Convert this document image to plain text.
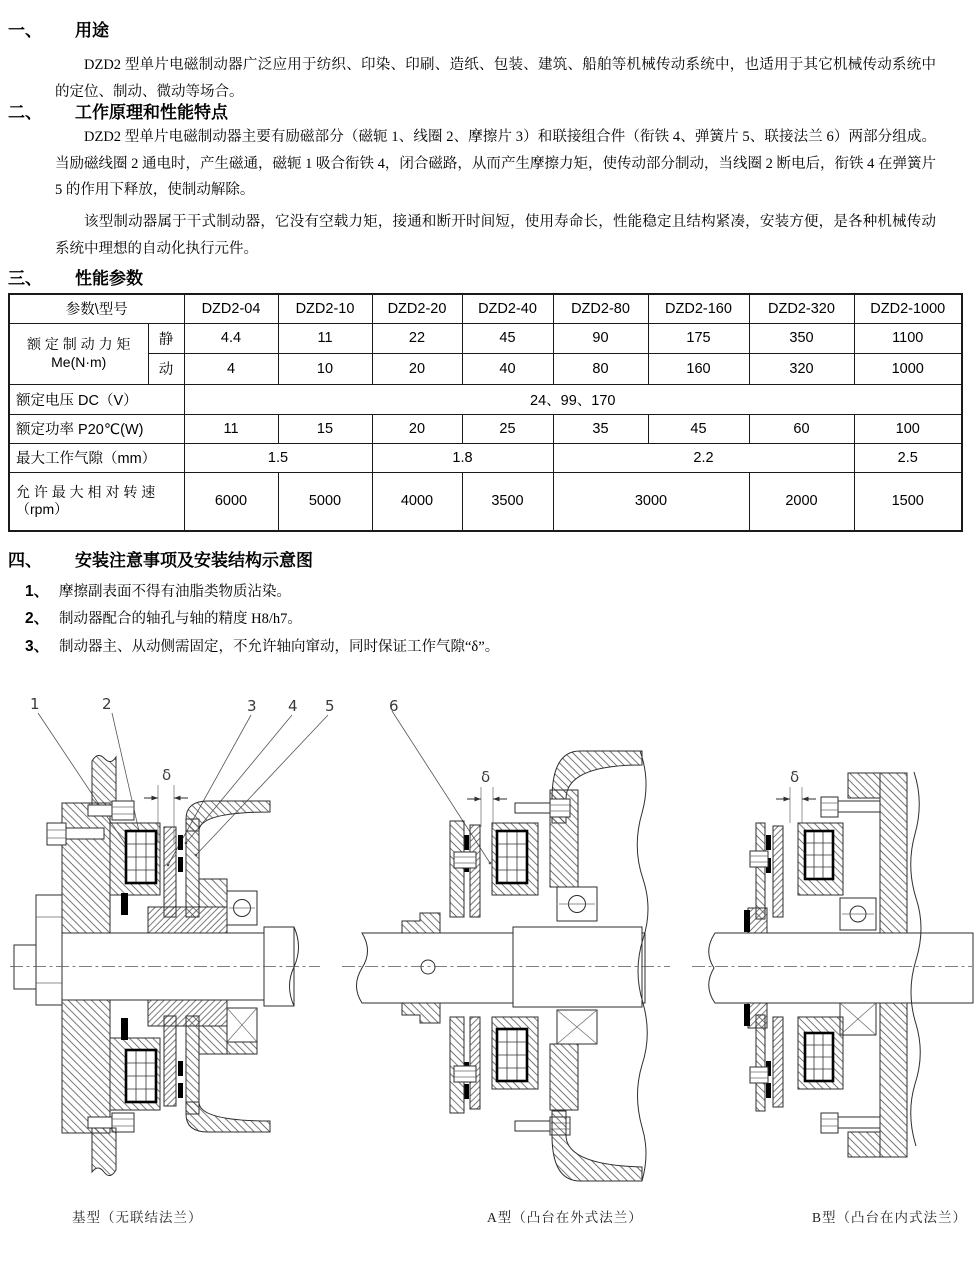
一、	用途

DZD2 型单片电磁制动器广泛应用于纺织、印染、印刷、造纸、包装、建筑、船舶等机械传动系统中，也适用于其它机械传动系统中的定位、制动、微动等场合。

二、	工作原理和性能特点

DZD2 型单片电磁制动器主要有励磁部分（磁轭 1、线圈 2、摩擦片 3）和联接组合件（衔铁 4、弹簧片 5、联接法兰 6）两部分组成。当励磁线圈 2 通电时，产生磁通，磁轭 1 吸合衔铁 4，闭合磁路，从而产生摩擦力矩，使传动部分制动，当线圈 2 断电后，衔铁 4 在弹簧片 5 的作用下释放，使制动解除。

该型制动器属于干式制动器，它没有空载力矩，接通和断开时间短，使用寿命长，性能稳定且结构紧凑，安装方便，是各种机械传动系统中理想的自动化执行元件。

三、	性能参数
参数\型号		DZD2-04	DZD2-10	DZD2-20	DZD2-40	DZD2-80	DZD2-160	DZD2-320	DZD2-1000
额 定 制 动 力 矩
Me(N·m)	静	4.4	11	22	45	90	175	350	1100
	动	4	10	20	40	80	160	320	1000
额定电压 DC（V）		24、99、170							
额定功率 P20℃(W)		11	15	20	25	35	45	60	100
最大工作气隙（mm）		1.5		1.8		2.2			2.5
允 许 最 大 相 对 转 速
（rpm）		6000	5000	4000	3500	3000		2000	1500
四、	安装注意事项及安装结构示意图
1、 摩擦副表面不得有油脂类物质沾染。
2、 制动器配合的轴孔与轴的精度 H8/h7。
3、 制动器主、从动侧需固定，不允许轴向窜动，同时保证工作气隙“δ”。
1	2	3 4 5	6
δ	δ	δ
基型（无联结法兰）	A型（凸台在外式法兰）	B型（凸台在内式法兰）
